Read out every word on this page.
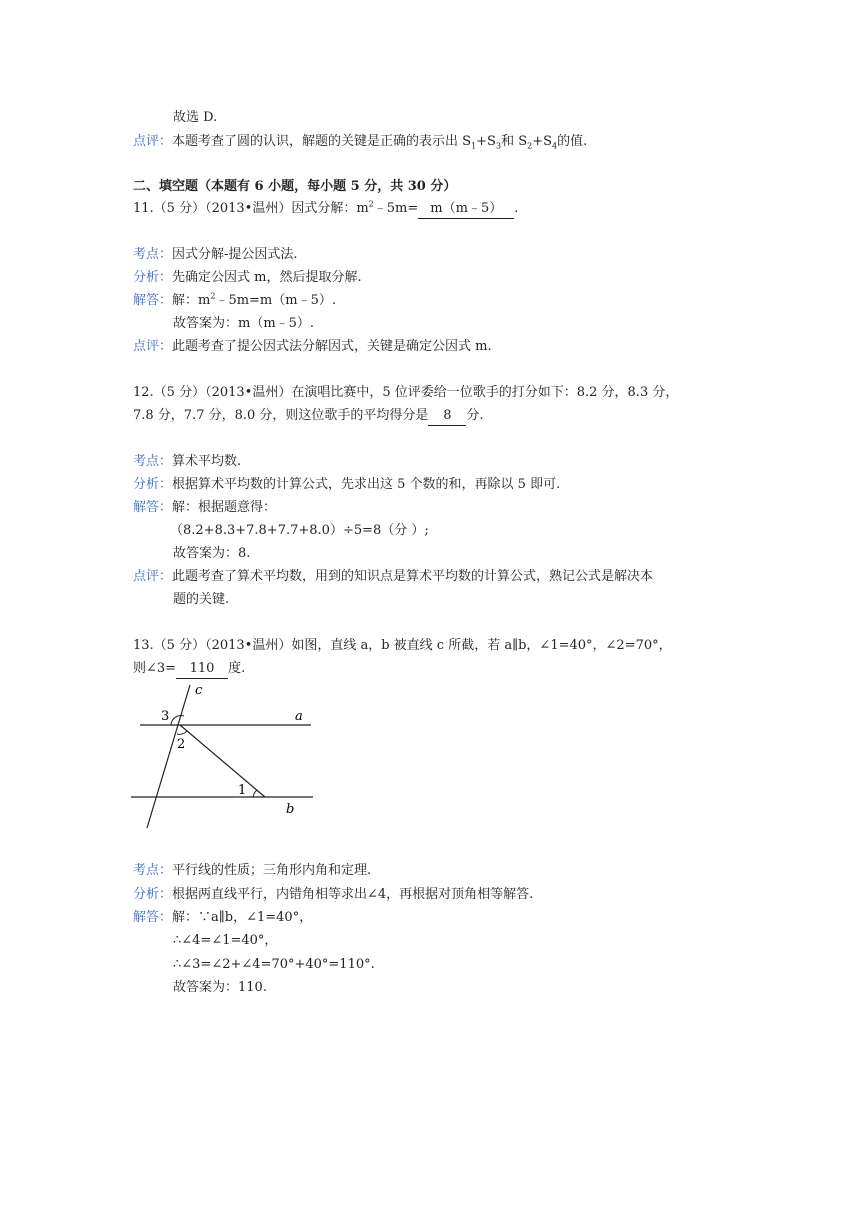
故选 D.
点评：本题考查了圆的认识，解题的关键是正确的表示出 $S_1+S_3$和 $S_2+S_4$的值.
二、填空题（本题有 6 小题，每小题 5 分，共 30 分）
11.（5 分）（2013•温州）因式分解：$m^2﹣5m=$ m（m﹣5） .
考点：因式分解-提公因式法.
分析：先确定公因式 m，然后提取分解.
解答：解：$m^2﹣5m=m(m﹣5)$.
故答案为：m（m﹣5）.
点评：此题考查了提公因式法分解因式，关键是确定公因式 m.
12.（5 分）（2013•温州）在演唱比赛中，5 位评委给一位歌手的打分如下：8.2 分，8.3 分，
7.8 分，7.7 分，8.0 分，则这位歌手的平均得分是 8 分.
考点：算术平均数.
分析：根据算术平均数的计算公式，先求出这 5 个数的和，再除以 5 即可.
解答：解：根据题意得：
（8.2+8.3+7.8+7.7+8.0）÷5=8（分 ）;
故答案为：8.
点评：此题考查了算术平均数，用到的知识点是算术平均数的计算公式，熟记公式是解决本
题的关键.
13.（5 分）（2013•温州）如图，直线 a，b 被直线 c 所截，若 a∥b，∠1=40°，∠2=70°，
则∠3= 110 度.
c
a
b
3
2
1
考点：平行线的性质；三角形内角和定理.
分析：根据两直线平行，内错角相等求出∠4，再根据对顶角相等解答.
解答：解：∵a∥b，∠1=40°，
∴∠4=∠1=40°，
∴∠3=∠2+∠4=70°+40°=110°.
故答案为：110.
